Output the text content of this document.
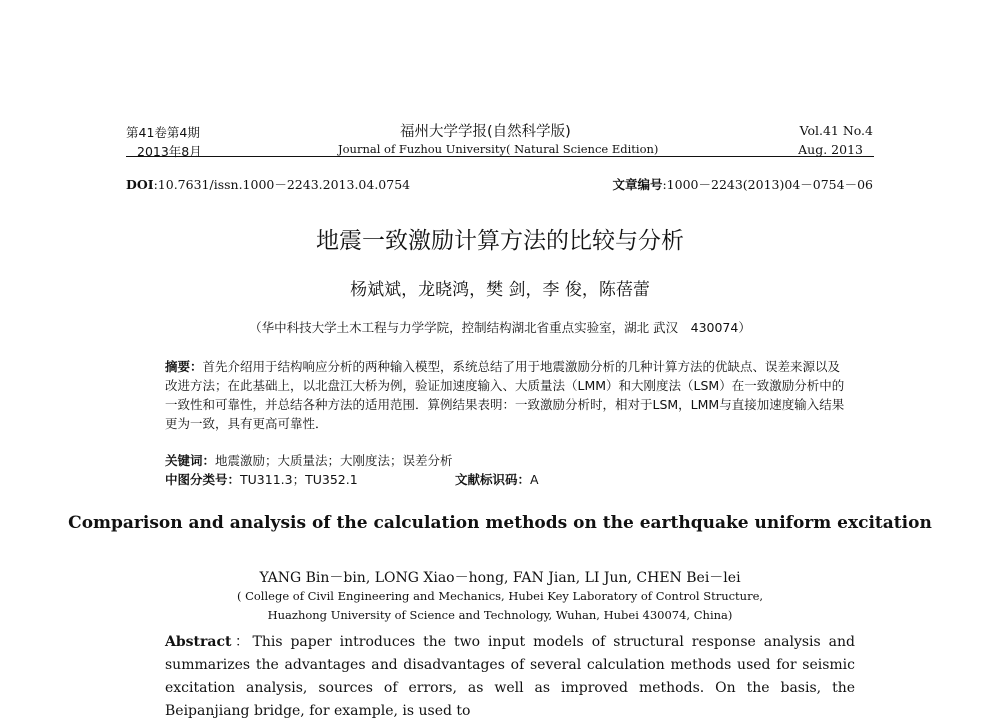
第41卷第4期
2013年8月
福州大学学报(自然科学版)
Journal of Fuzhou University( Natural Science Edition)
Vol.41 No.4
Aug. 2013
DOI:10.7631/issn.1000－2243.2013.04.0754	文章编号:1000－2243(2013)04－0754－06
地震一致激励计算方法的比较与分析
杨斌斌，龙晓鸿，樊 剑，李 俊，陈蓓蕾
（华中科技大学土木工程与力学学院，控制结构湖北省重点实验室，湖北 武汉　430074）
摘要：首先介绍用于结构响应分析的两种输入模型，系统总结了用于地震激励分析的几种计算方法的优缺点、误差来源以及改进方法；在此基础上，以北盘江大桥为例，验证加速度输入、大质量法（LMM）和大刚度法（LSM）在一致激励分析中的一致性和可靠性，并总结各种方法的适用范围．算例结果表明：一致激励分析时，相对于LSM，LMM与直接加速度输入结果更为一致，具有更高可靠性．
关键词：地震激励；大质量法；大刚度法；误差分析
中图分类号：TU311.3；TU352.1	文献标识码：A
Comparison and analysis of the calculation methods on the earthquake uniform excitation
YANG Bin－bin, LONG Xiao－hong, FAN Jian, LI Jun, CHEN Bei－lei
( College of Civil Engineering and Mechanics, Hubei Key Laboratory of Control Structure,
Huazhong University of Science and Technology, Wuhan, Hubei 430074, China)
Abstract：This paper introduces the two input models of structural response analysis and summarizes the advantages and disadvantages of several calculation methods used for seismic excitation analysis, sources of errors, as well as improved methods. On the basis, the Beipanjiang bridge, for example, is used to
